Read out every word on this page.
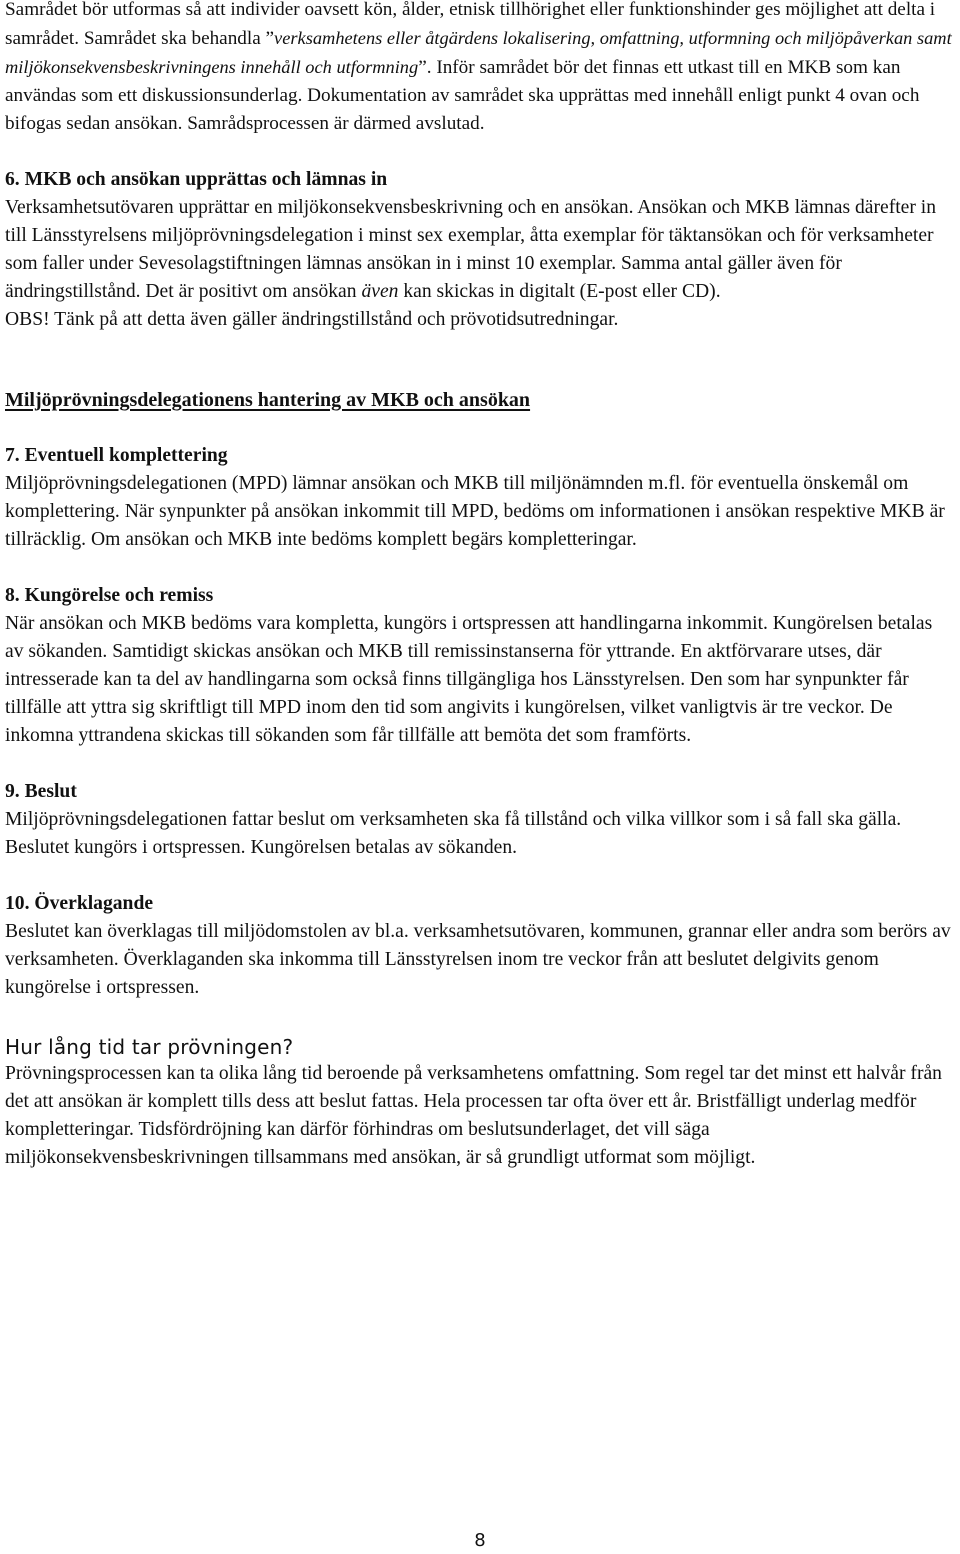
Samrådet bör utformas så att individer oavsett kön, ålder, etnisk tillhörighet eller funktionshinder ges möjlighet att delta i samrådet. Samrådet ska behandla ”verksamhetens eller åtgärdens lokalisering, omfattning, utformning och miljöpåverkan samt miljökonsekvensbeskrivningens innehåll och utformning”. Inför samrådet bör det finnas ett utkast till en MKB som kan användas som ett diskussionsunderlag. Dokumentation av samrådet ska upprättas med innehåll enligt punkt 4 ovan och bifogas sedan ansökan. Samrådsprocessen är därmed avslutad.

6. MKB och ansökan upprättas och lämnas in

Verksamhetsutövaren upprättar en miljökonsekvensbeskrivning och en ansökan. Ansökan och MKB lämnas därefter in till Länsstyrelsens miljöprövningsdelegation i minst sex exemplar, åtta exemplar för täktansökan och för verksamheter som faller under Sevesolagstiftningen lämnas ansökan in i minst 10 exemplar. Samma antal gäller även för ändringstillstånd. Det är positivt om ansökan även kan skickas in digitalt (E-post eller CD).

OBS! Tänk på att detta även gäller ändringstillstånd och prövotidsutredningar.

Miljöprövningsdelegationens hantering av MKB och ansökan
7. Eventuell komplettering

Miljöprövningsdelegationen (MPD) lämnar ansökan och MKB till miljönämnden m.fl. för eventuella önskemål om komplettering. När synpunkter på ansökan inkommit till MPD, bedöms om informationen i ansökan respektive MKB är tillräcklig. Om ansökan och MKB inte bedöms komplett begärs kompletteringar.

8. Kungörelse och remiss

När ansökan och MKB bedöms vara kompletta, kungörs i ortspressen att handlingarna inkommit. Kungörelsen betalas av sökanden. Samtidigt skickas ansökan och MKB till remissinstanserna för yttrande. En aktförvarare utses, där intresserade kan ta del av handlingarna som också finns tillgängliga hos Länsstyrelsen. Den som har synpunkter får tillfälle att yttra sig skriftligt till MPD inom den tid som angivits i kungörelsen, vilket vanligtvis är tre veckor. De inkomna yttrandena skickas till sökanden som får tillfälle att bemöta det som framförts.

9. Beslut

Miljöprövningsdelegationen fattar beslut om verksamheten ska få tillstånd och vilka villkor som i så fall ska gälla. Beslutet kungörs i ortspressen. Kungörelsen betalas av sökanden.

10. Överklagande

Beslutet kan överklagas till miljödomstolen av bl.a. verksamhetsutövaren, kommunen, grannar eller andra som berörs av verksamheten. Överklaganden ska inkomma till Länsstyrelsen inom tre veckor från att beslutet delgivits genom kungörelse i ortspressen.

Hur lång tid tar prövningen?

Prövningsprocessen kan ta olika lång tid beroende på verksamhetens omfattning. Som regel tar det minst ett halvår från det att ansökan är komplett tills dess att beslut fattas. Hela processen tar ofta över ett år. Bristfälligt underlag medför kompletteringar. Tidsfördröjning kan därför förhindras om beslutsunderlaget, det vill säga miljökonsekvensbeskrivningen tillsammans med ansökan, är så grundligt utformat som möjligt.

8
